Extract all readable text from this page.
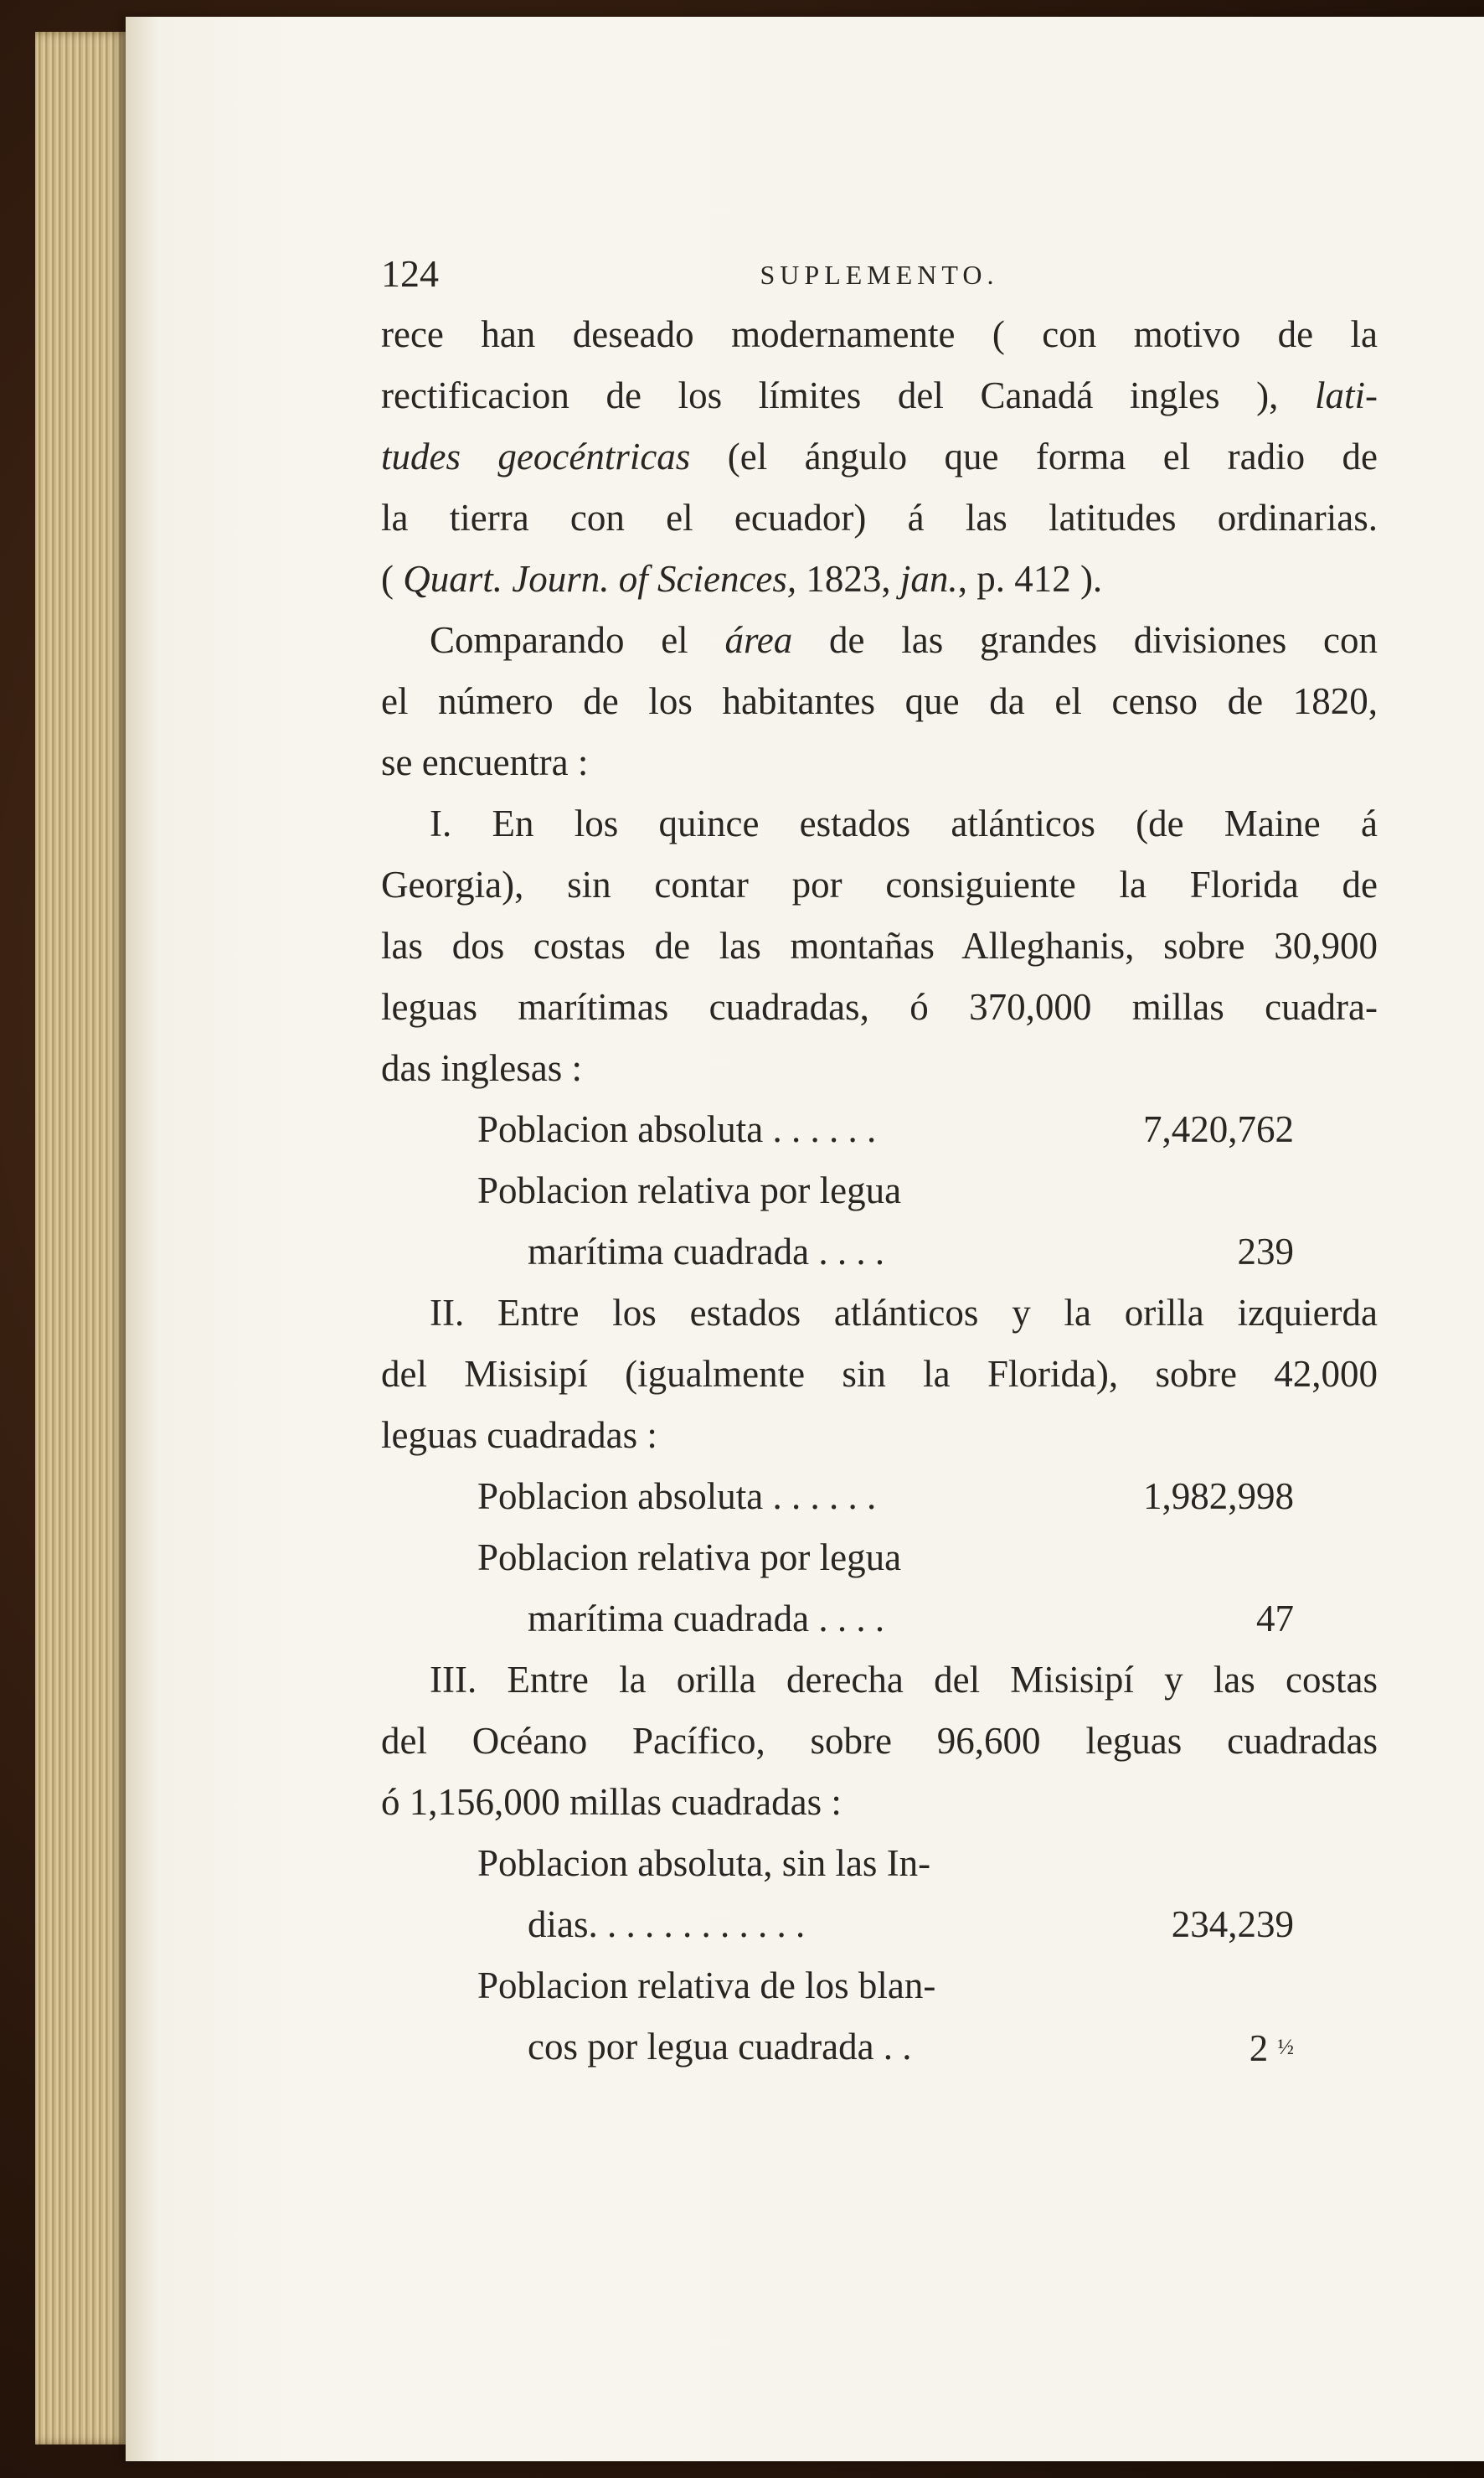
124	SUPLEMENTO.
rece han deseado modernamente ( con motivo de la
rectificacion de los límites del Canadá ingles ), lati-
tudes geocéntricas (el ángulo que forma el radio de
la tierra con el ecuador) á las latitudes ordinarias.
( Quart. Journ. of Sciences, 1823, jan., p. 412 ).
Comparando el área de las grandes divisiones con
el número de los habitantes que da el censo de 1820,
se encuentra :
I. En los quince estados atlánticos (de Maine á
Georgia), sin contar por consiguiente la Florida de
las dos costas de las montañas Alleghanis, sobre 30,900
leguas marítimas cuadradas, ó 370,000 millas cuadra-
das inglesas :
Poblacion absoluta . . . . . .	7,420,762
Poblacion relativa por legua
marítima cuadrada . . . .	239
II. Entre los estados atlánticos y la orilla izquierda
del Misisipí (igualmente sin la Florida), sobre 42,000
leguas cuadradas :
Poblacion absoluta . . . . . .	1,982,998
Poblacion relativa por legua
marítima cuadrada . . . .	47
III. Entre la orilla derecha del Misisipí y las costas
del Océano Pacífico, sobre 96,600 leguas cuadradas
ó 1,156,000 millas cuadradas :
Poblacion absoluta, sin las In-
dias. . . . . . . . . . . .	234,239
Poblacion relativa de los blan-
cos por legua cuadrada . .	2 ½
